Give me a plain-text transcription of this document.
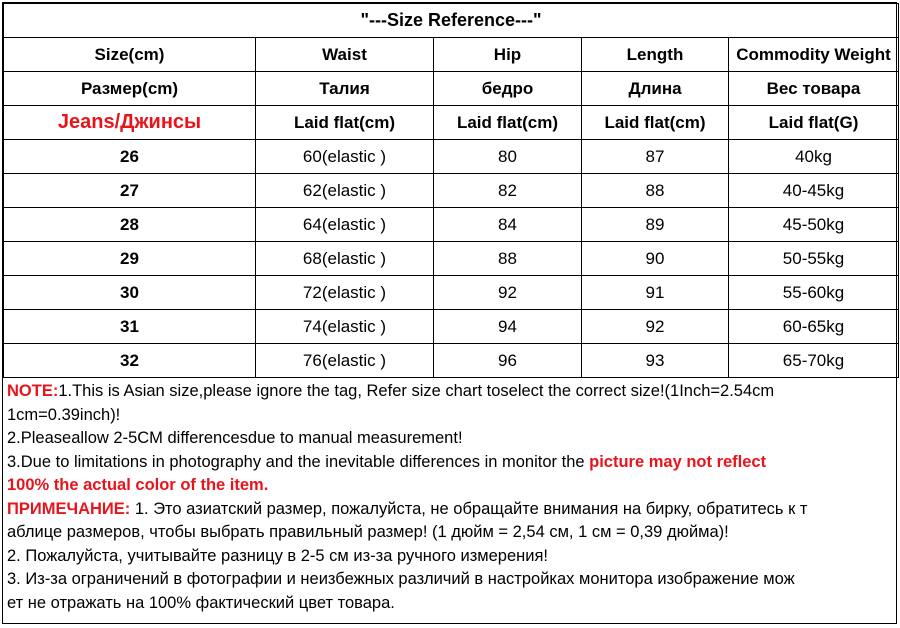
"---Size Reference---"				
Size(cm)	Waist	Hip	Length	Commodity Weight
Размер(cm)	Талия	бедро	Длина	Вес товара
Jeans/Джинсы	Laid flat(cm)	Laid flat(cm)	Laid flat(cm)	Laid flat(G)
26	60(elastic )	80	87	40kg
27	62(elastic )	82	88	40-45kg
28	64(elastic )	84	89	45-50kg
29	68(elastic )	88	90	50-55kg
30	72(elastic )	92	91	55-60kg
31	74(elastic )	94	92	60-65kg
32	76(elastic )	96	93	65-70kg

NOTE:1.This is Asian size,please ignore the tag, Refer size chart toselect the correct size!(1Inch=2.54cm

1cm=0.39inch)!

2.Pleaseallow 2-5CM differencesdue to manual measurement!

3.Due to limitations in photography and the inevitable differences in monitor the picture may not reflect

100% the actual color of the item.

ПРИМЕЧАНИЕ: 1. Это азиатский размер, пожалуйста, не обращайте внимания на бирку, обратитесь к т

аблице размеров, чтобы выбрать правильный размер! (1 дюйм = 2,54 см, 1 см = 0,39 дюйма)!

2. Пожалуйста, учитывайте разницу в 2-5 см из-за ручного измерения!

3. Из-за ограничений в фотографии и неизбежных различий в настройках монитора изображение мож

ет не отражать на 100% фактический цвет товара.
